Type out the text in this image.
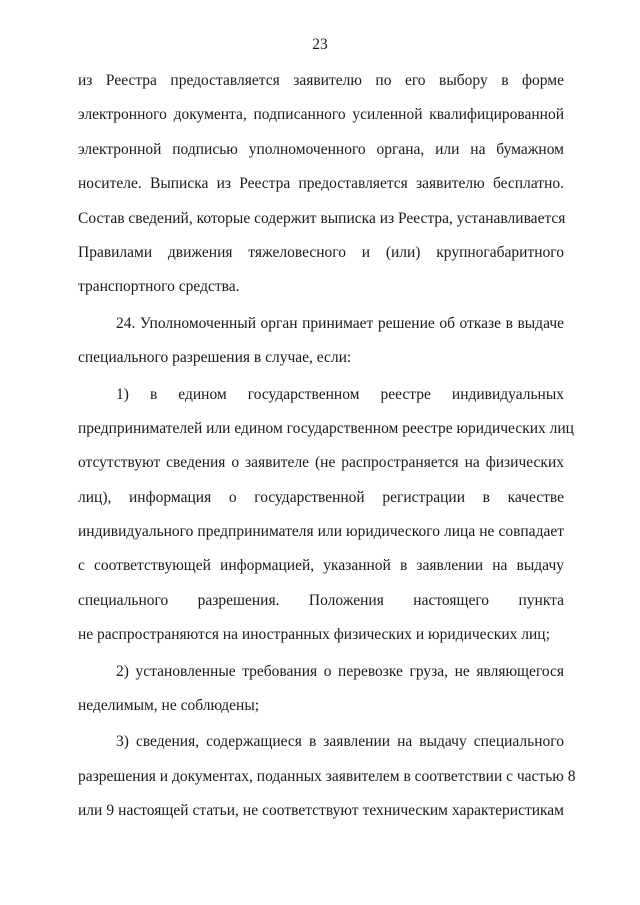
23
из Реестра предоставляется заявителю по его выбору в форме
электронного документа, подписанного усиленной квалифицированной
электронной подписью уполномоченного органа, или на бумажном
носителе. Выписка из Реестра предоставляется заявителю бесплатно.
Состав сведений, которые содержит выписка из Реестра, устанавливается
Правилами движения тяжеловесного и (или) крупногабаритного
транспортного средства.
24. Уполномоченный орган принимает решение об отказе в выдаче
специального разрешения в случае, если:
1) в едином государственном реестре индивидуальных
предпринимателей или едином государственном реестре юридических лиц
отсутствуют сведения о заявителе (не распространяется на физических
лиц), информация о государственной регистрации в качестве
индивидуального предпринимателя или юридического лица не совпадает
с соответствующей информацией, указанной в заявлении на выдачу
специального разрешения. Положения настоящего пункта
не распространяются на иностранных физических и юридических лиц;
2) установленные требования о перевозке груза, не являющегося
неделимым, не соблюдены;
3) сведения, содержащиеся в заявлении на выдачу специального
разрешения и документах, поданных заявителем в соответствии с частью 8
или 9 настоящей статьи, не соответствуют техническим характеристикам
